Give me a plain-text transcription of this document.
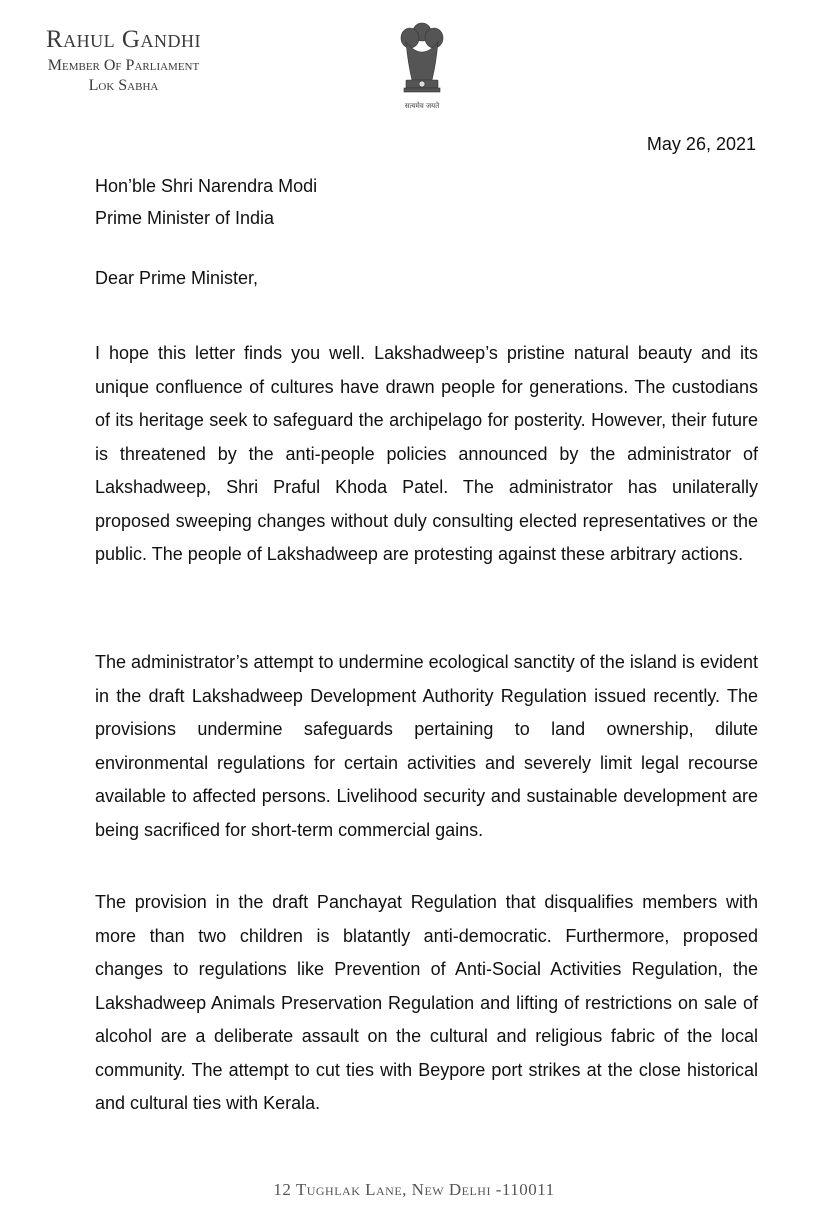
Rahul Gandhi
Member Of Parliament
Lok Sabha
सत्यमेव जयते
May 26, 2021
Hon’ble Shri Narendra Modi
Prime Minister of India
Dear Prime Minister,

I hope this letter finds you well. Lakshadweep’s pristine natural beauty and its unique confluence of cultures have drawn people for generations. The custodians of its heritage seek to safeguard the archipelago for posterity. However, their future is threatened by the anti-people policies announced by the administrator of Lakshadweep, Shri Praful Khoda Patel. The administrator has unilaterally proposed sweeping changes without duly consulting elected representatives or the public. The people of Lakshadweep are protesting against these arbitrary actions.

The administrator’s attempt to undermine ecological sanctity of the island is evident in the draft Lakshadweep Development Authority Regulation issued recently. The provisions undermine safeguards pertaining to land ownership, dilute environmental regulations for certain activities and severely limit legal recourse available to affected persons. Livelihood security and sustainable development are being sacrificed for short-term commercial gains.

The provision in the draft Panchayat Regulation that disqualifies members with more than two children is blatantly anti-democratic. Furthermore, proposed changes to regulations like Prevention of Anti-Social Activities Regulation, the Lakshadweep Animals Preservation Regulation and lifting of restrictions on sale of alcohol are a deliberate assault on the cultural and religious fabric of the local community. The attempt to cut ties with Beypore port strikes at the close historical and cultural ties with Kerala.

12 Tughlak Lane, New Delhi -110011
